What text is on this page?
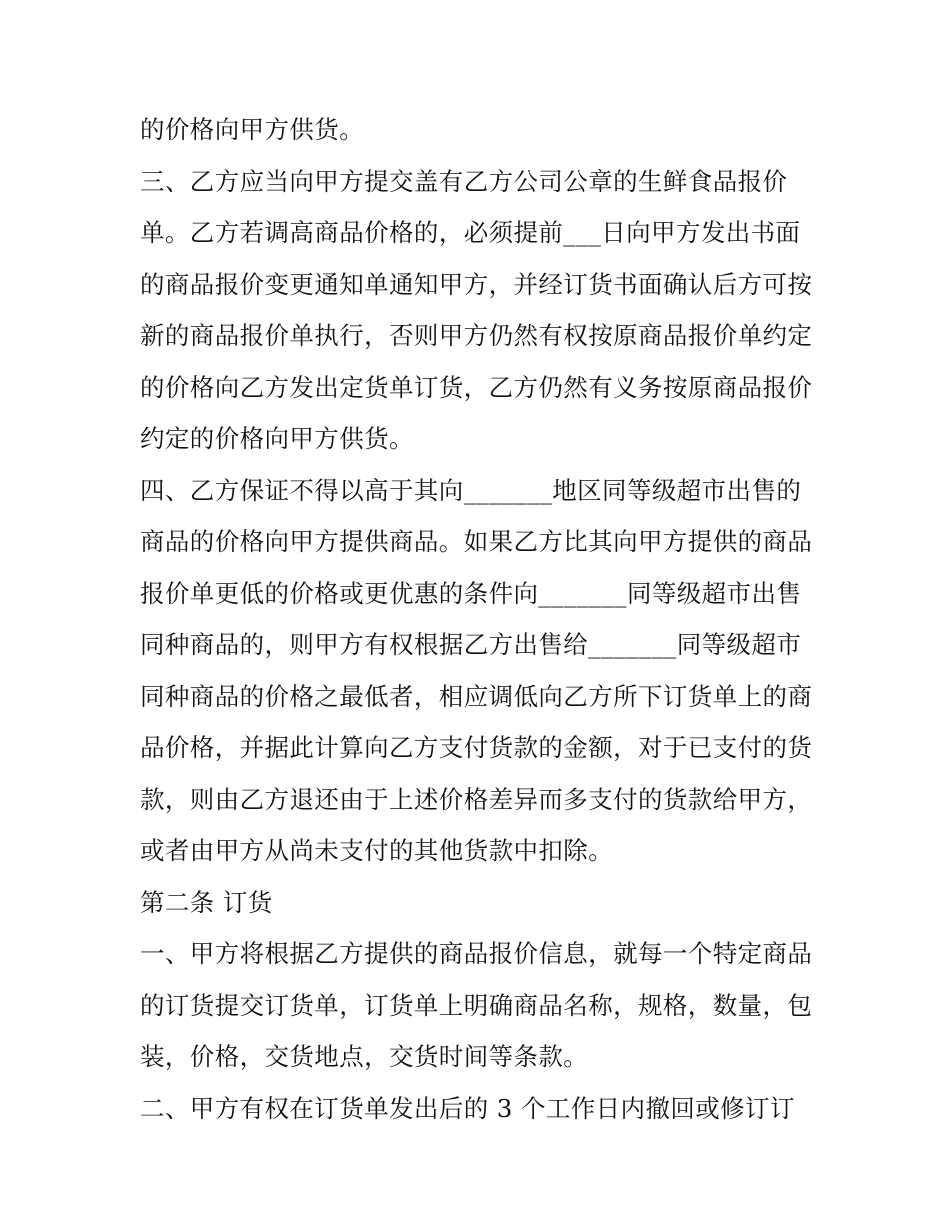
的价格向甲方供货。
三、乙方应当向甲方提交盖有乙方公司公章的生鲜食品报价
单。乙方若调高商品价格的，必须提前___日向甲方发出书面
的商品报价变更通知单通知甲方，并经订货书面确认后方可按
新的商品报价单执行，否则甲方仍然有权按原商品报价单约定
的价格向乙方发出定货单订货，乙方仍然有义务按原商品报价
约定的价格向甲方供货。
四、乙方保证不得以高于其向_______地区同等级超市出售的
商品的价格向甲方提供商品。如果乙方比其向甲方提供的商品
报价单更低的价格或更优惠的条件向_______同等级超市出售
同种商品的，则甲方有权根据乙方出售给_______同等级超市
同种商品的价格之最低者，相应调低向乙方所下订货单上的商
品价格，并据此计算向乙方支付货款的金额，对于已支付的货
款，则由乙方退还由于上述价格差异而多支付的货款给甲方，
或者由甲方从尚未支付的其他货款中扣除。
第二条 订货
一、甲方将根据乙方提供的商品报价信息，就每一个特定商品
的订货提交订货单，订货单上明确商品名称，规格，数量，包
装，价格，交货地点，交货时间等条款。
二、甲方有权在订货单发出后的 3 个工作日内撤回或修订订
